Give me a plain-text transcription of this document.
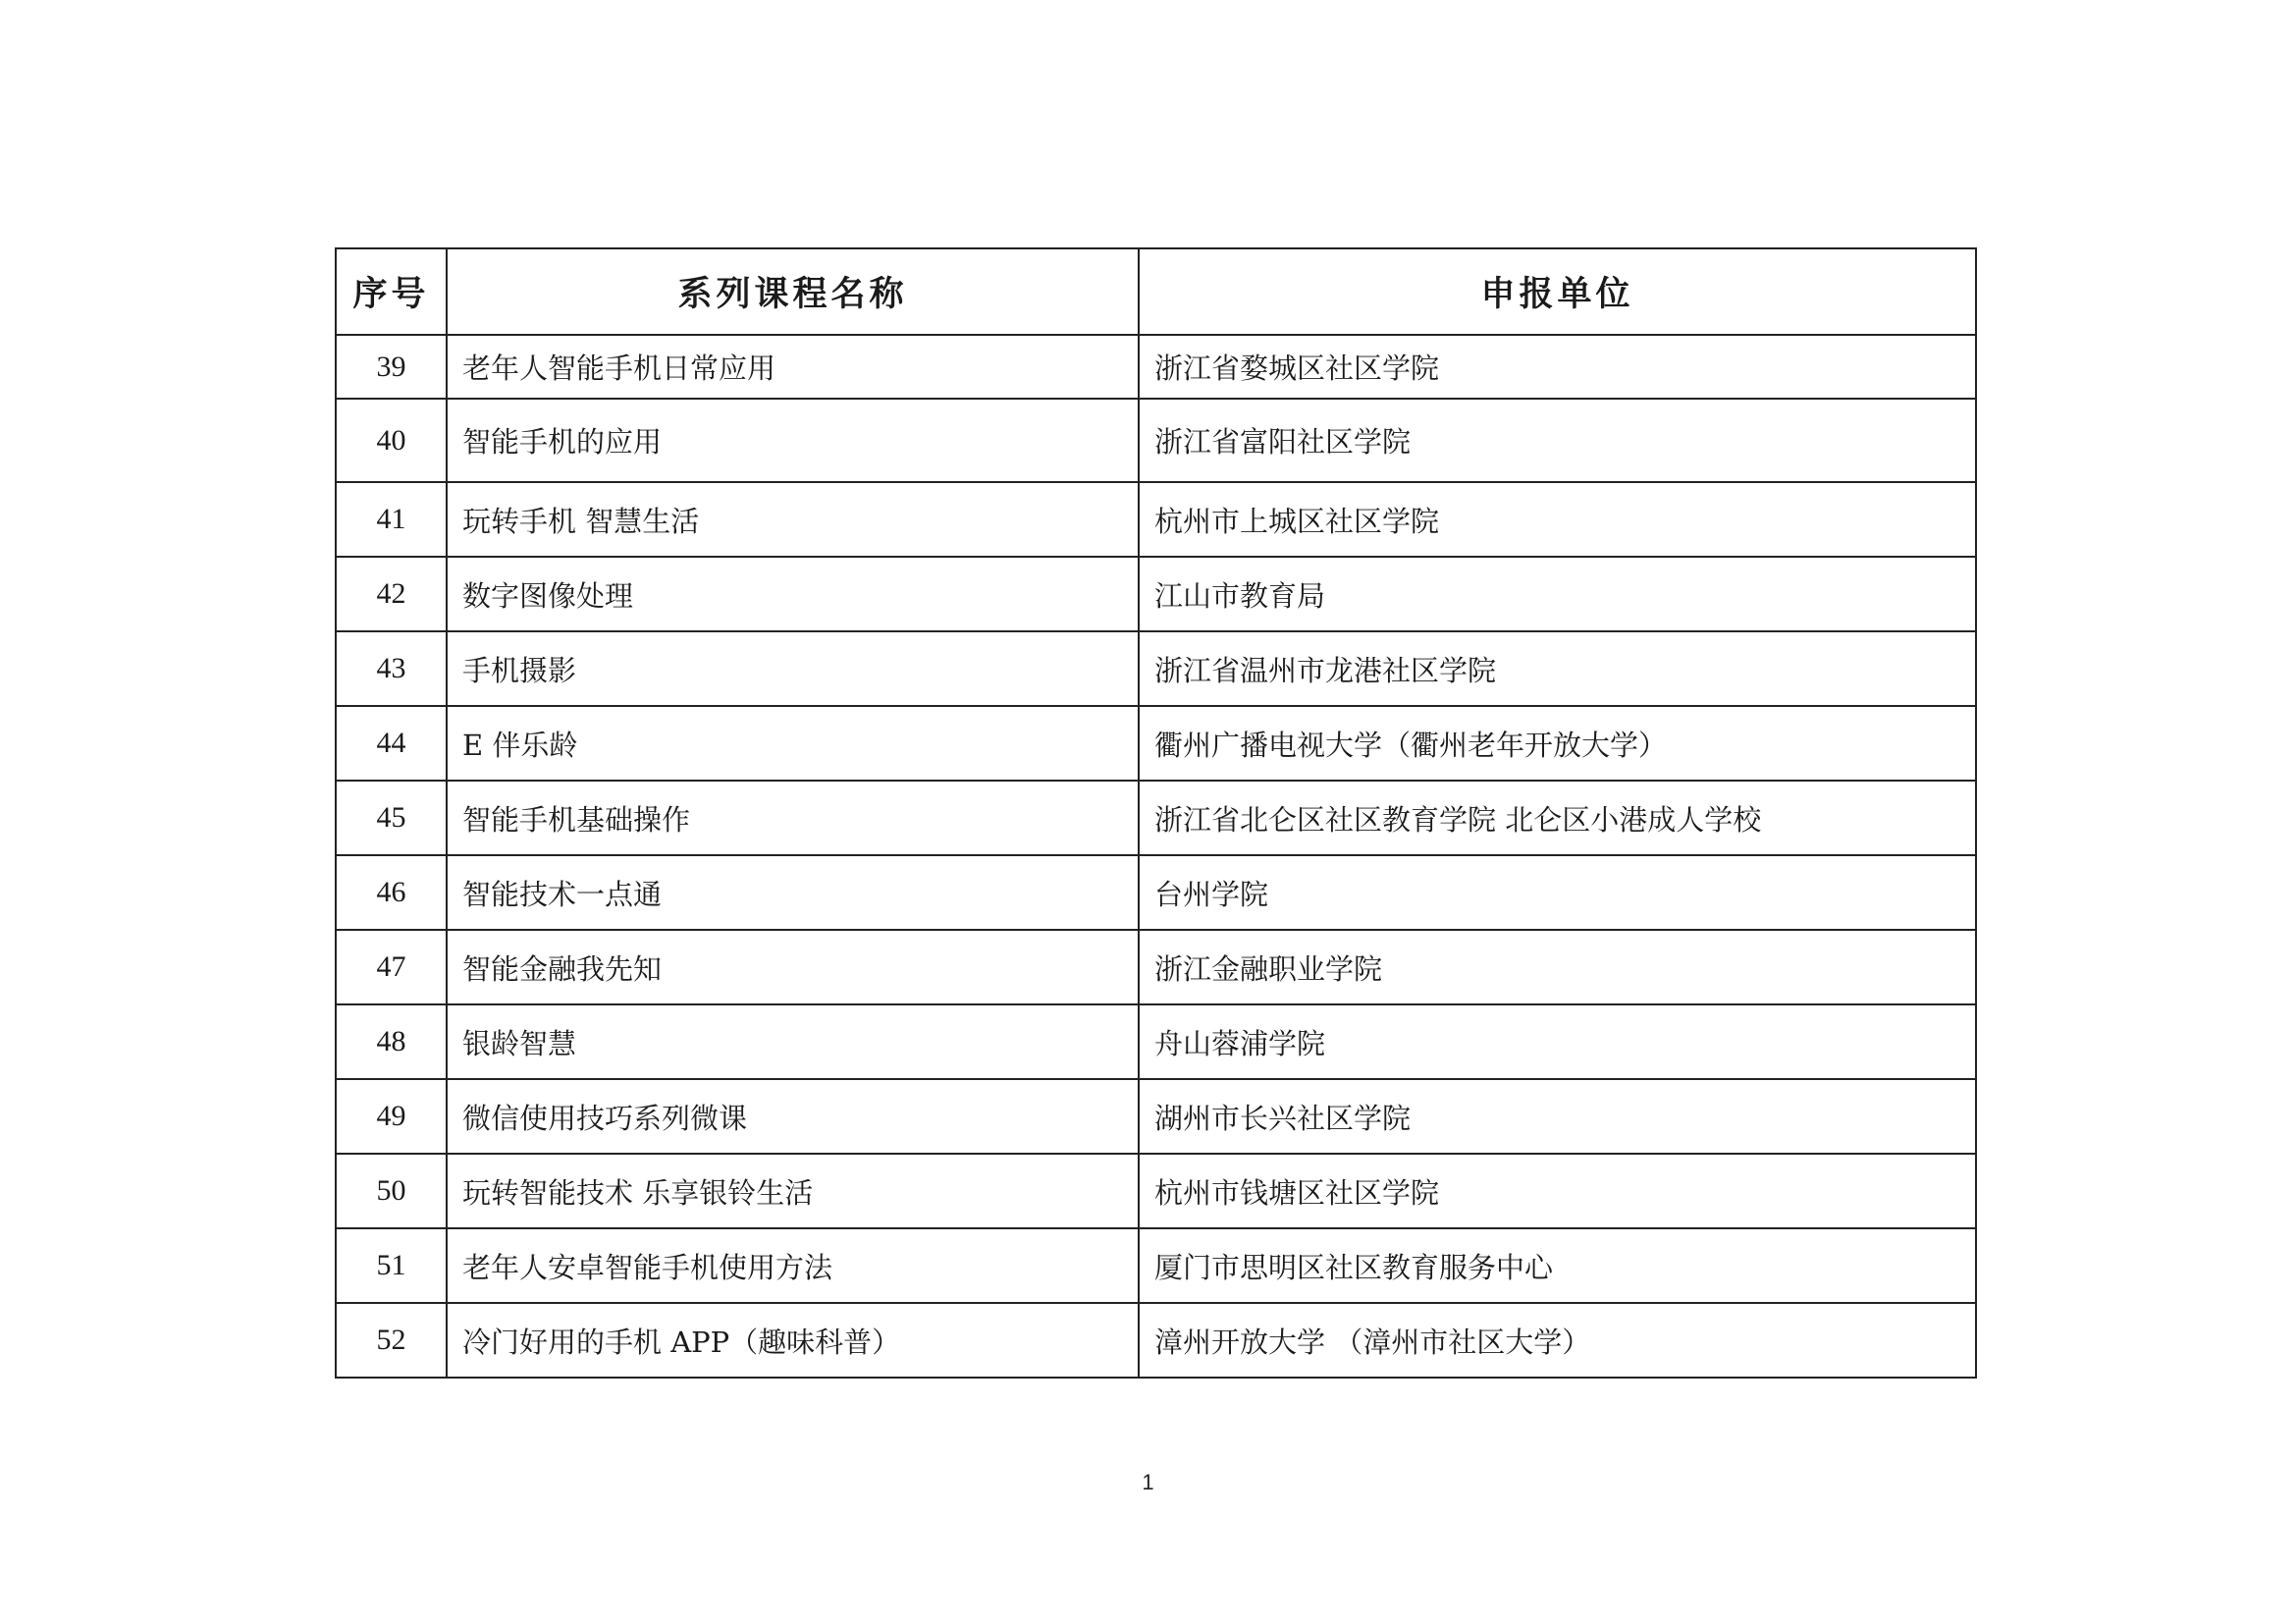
序号	系列课程名称	申报单位
39	老年人智能手机日常应用	浙江省婺城区社区学院
40	智能手机的应用	浙江省富阳社区学院
41	玩转手机 智慧生活	杭州市上城区社区学院
42	数字图像处理	江山市教育局
43	手机摄影	浙江省温州市龙港社区学院
44	E 伴乐龄	衢州广播电视大学（衢州老年开放大学）
45	智能手机基础操作	浙江省北仑区社区教育学院 北仑区小港成人学校
46	智能技术一点通	台州学院
47	智能金融我先知	浙江金融职业学院
48	银龄智慧	舟山蓉浦学院
49	微信使用技巧系列微课	湖州市长兴社区学院
50	玩转智能技术 乐享银铃生活	杭州市钱塘区社区学院
51	老年人安卓智能手机使用方法	厦门市思明区社区教育服务中心
52	冷门好用的手机 APP（趣味科普）	漳州开放大学 （漳州市社区大学）
1
